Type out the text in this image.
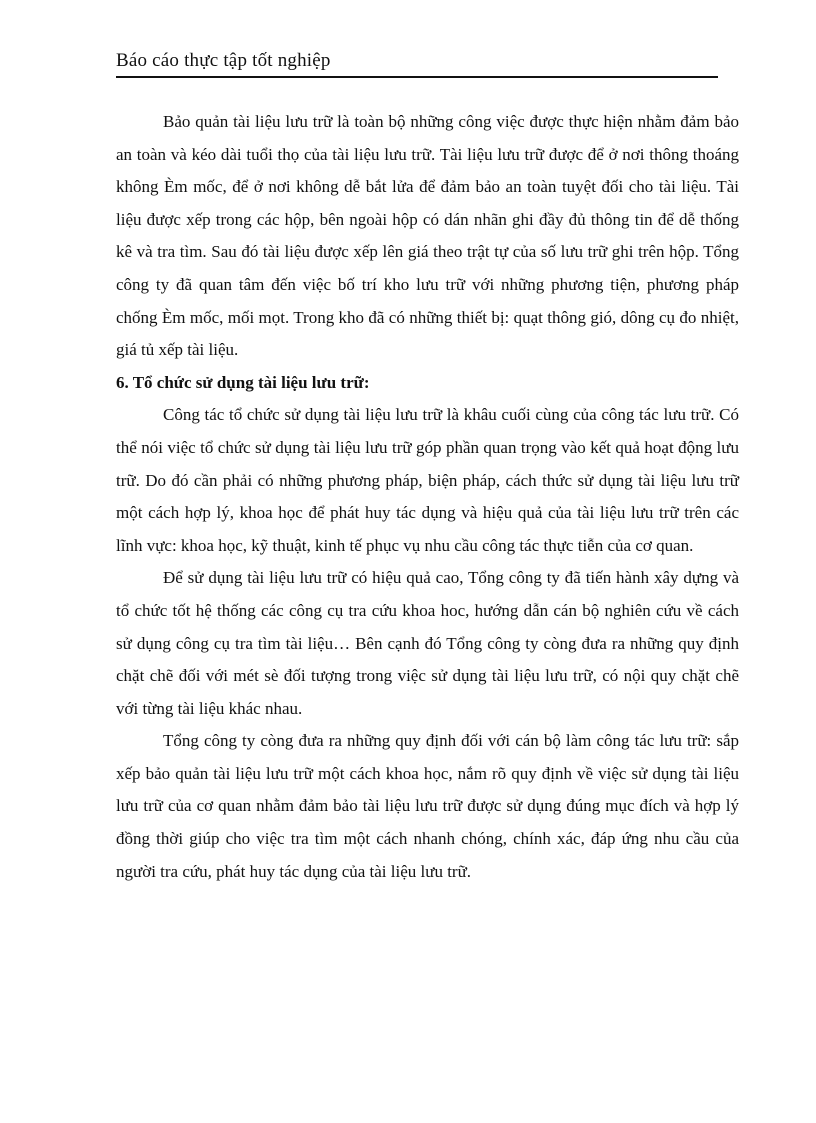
Báo cáo thực tập tốt nghiệp

Bảo quản tài liệu lưu trữ là toàn bộ những công việc được thực hiện nhằm đảm bảo an toàn và kéo dài tuổi thọ của tài liệu lưu trữ. Tài liệu lưu trữ được để ở nơi thông thoáng không Èm mốc, để ở nơi không dễ bắt lửa để đảm bảo an toàn tuyệt đối cho tài liệu. Tài liệu được xếp trong các hộp, bên ngoài hộp có dán nhãn ghi đầy đủ thông tin để dễ thống kê và tra tìm. Sau đó tài liệu được xếp lên giá theo trật tự của số lưu trữ ghi trên hộp. Tổng công ty đã quan tâm đến việc bố trí kho lưu trữ với những phương tiện, phương pháp chống Èm mốc, mối mọt. Trong kho đã có những thiết bị: quạt thông gió, dông cụ đo nhiệt, giá tủ xếp tài liệu.

6. Tổ chức sử dụng tài liệu lưu trữ:

Công tác tổ chức sử dụng tài liệu lưu trữ là khâu cuối cùng của công tác lưu trữ. Có thể nói việc tổ chức sử dụng tài liệu lưu trữ góp phần quan trọng vào kết quả hoạt động lưu trữ. Do đó cần phải có những phương pháp, biện pháp, cách thức sử dụng tài liệu lưu trữ một cách hợp lý, khoa học để phát huy tác dụng và hiệu quả của tài liệu lưu trữ trên các lĩnh vực: khoa học, kỹ thuật, kinh tế phục vụ nhu cầu công tác thực tiễn của cơ quan.

Để sử dụng tài liệu lưu trữ có hiệu quả cao, Tổng công ty đã tiến hành xây dựng và tổ chức tốt hệ thống các công cụ tra cứu khoa hoc, hướng dẫn cán bộ nghiên cứu về cách sử dụng công cụ tra tìm tài liệu… Bên cạnh đó Tổng công ty còng đưa ra những quy định chặt chẽ đối với mét sè đối tượng trong việc sử dụng tài liệu lưu trữ, có nội quy chặt chẽ với từng tài liệu khác nhau.

Tổng công ty còng đưa ra những quy định đối với cán bộ làm công tác lưu trữ: sắp xếp bảo quản tài liệu lưu trữ một cách khoa học, nắm rõ quy định về việc sử dụng tài liệu lưu trữ của cơ quan nhằm đảm bảo tài liệu lưu trữ được sử dụng đúng mục đích và hợp lý đồng thời giúp cho việc tra tìm một cách nhanh chóng, chính xác, đáp ứng nhu cầu của người tra cứu, phát huy tác dụng của tài liệu lưu trữ.
